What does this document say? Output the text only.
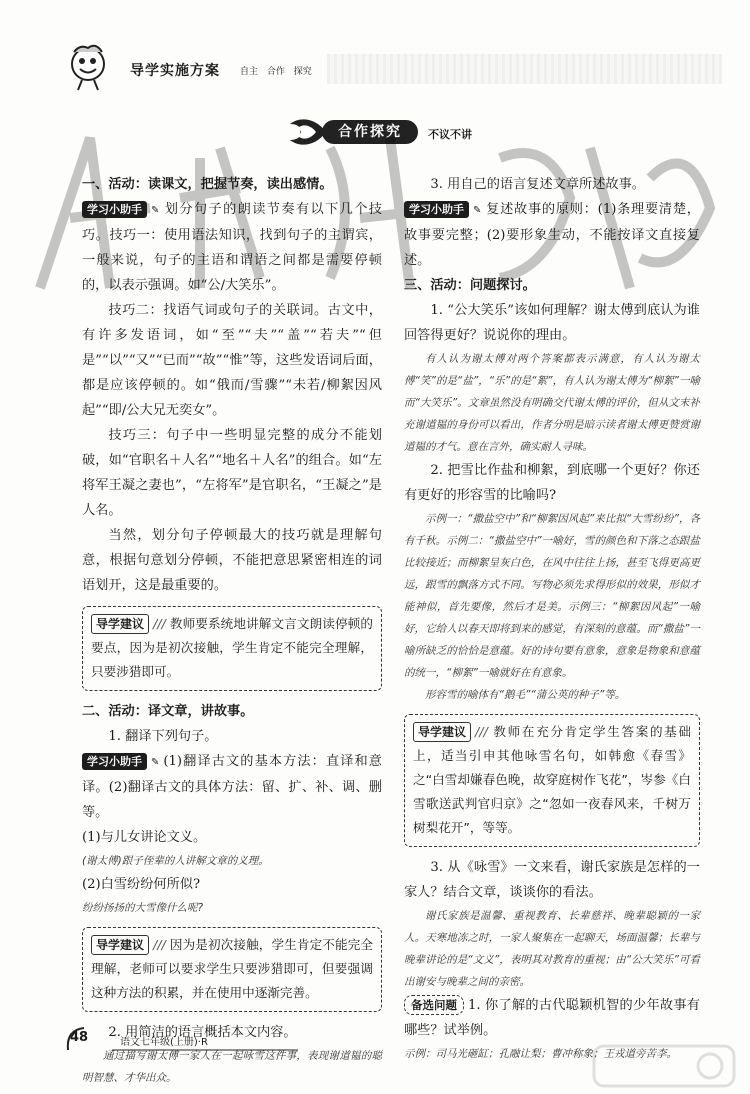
导学实施方案 自主 合作 探究
合作探究	不议不讲

一、活动：读课文，把握节奏，读出感情。

学习小助手 ✎ 划分句子的朗读节奏有以下几个技巧。技巧一：使用语法知识，找到句子的主谓宾，一般来说，句子的主语和谓语之间都是需要停顿的，以表示强调。如“公/大笑乐”。

技巧二：找语气词或句子的关联词。古文中，有许多发语词，如“至”“夫”“盖”“若夫”“但是”“以”“又”“已而”“故”“惟”等，这些发语词后面，都是应该停顿的。如“俄而/雪骤”“未若/柳絮因风起”“即/公大兄无奕女”。

技巧三：句子中一些明显完整的成分不能划破，如“官职名＋人名”“地名＋人名”的组合。如“左将军王凝之妻也”，“左将军”是官职名，“王凝之”是人名。

当然，划分句子停顿最大的技巧就是理解句意，根据句意划分停顿，不能把意思紧密相连的词语划开，这是最重要的。

导学建议 /// 教师要系统地讲解文言文朗读停顿的要点，因为是初次接触，学生肯定不能完全理解，只要涉猎即可。

二、活动：译文章，讲故事。

1. 翻译下列句子。

学习小助手 ✎ (1)翻译古文的基本方法：直译和意译。(2)翻译古文的具体方法：留、扩、补、调、删等。

(1)与儿女讲论文义。

(谢太傅)跟子侄辈的人讲解文章的义理。

(2)白雪纷纷何所似?

纷纷扬扬的大雪像什么呢?

导学建议 /// 因为是初次接触，学生肯定不能完全理解，老师可以要求学生只要涉猎即可，但要强调这种方法的积累，并在使用中逐渐完善。

2. 用简洁的语言概括本文内容。

通过描写谢太傅一家人在一起咏雪这件事，表现谢道韫的聪明智慧、才华出众。

3. 用自己的语言复述文章所述故事。

学习小助手 ✎ 复述故事的原则：(1)条理要清楚，故事要完整；(2)要形象生动，不能按译文直接复述。

三、活动：问题探讨。

1. “公大笑乐”该如何理解？谢太傅到底认为谁回答得更好？说说你的理由。

有人认为谢太傅对两个答案都表示满意，有人认为谢太傅“笑”的是“盐”，“乐”的是“絮”，有人认为谢太傅为“柳絮”一喻而“大笑乐”。文章虽然没有明确交代谢太傅的评价，但从文末补充谢道韫的身份可以看出，作者分明是暗示读者谢太傅更赞赏谢道韫的才气。意在言外，确实耐人寻味。

2. 把雪比作盐和柳絮，到底哪一个更好？你还有更好的形容雪的比喻吗?

示例一：“撒盐空中”和“柳絮因风起”来比拟“大雪纷纷”，各有千秋。示例二：“撒盐空中”一喻好，雪的颜色和下落之态跟盐比较接近；而柳絮呈灰白色，在风中往往上扬，甚至飞得更高更远，跟雪的飘落方式不同。写物必须先求得形似的效果，形似才能神似，首先要像，然后才是美。示例三：“柳絮因风起”一喻好，它给人以春天即将到来的感觉，有深刻的意蕴。而“撒盐”一喻所缺乏的恰恰是意蕴。好的诗句要有意象，意象是物象和意蕴的统一，“柳絮”一喻就好在有意象。

形容雪的喻体有“鹅毛”“蒲公英的种子”等。

导学建议 /// 教师在充分肯定学生答案的基础上，适当引申其他咏雪名句，如韩愈《春雪》之“白雪却嫌春色晚，故穿庭树作飞花”，岑参《白雪歌送武判官归京》之“忽如一夜春风来，千树万树梨花开”，等等。

3. 从《咏雪》一文来看，谢氏家族是怎样的一家人？结合文章，谈谈你的看法。

谢氏家族是温馨、重视教育、长辈慈祥、晚辈聪颖的一家人。天寒地冻之时，一家人聚集在一起聊天，场面温馨；长辈与晚辈讲论的是“文义”，表明其对教育的重视；由“公大笑乐”可看出谢安与晚辈之间的亲密。

备选问题 1. 你了解的古代聪颖机智的少年故事有哪些？试举例。

示例：司马光砸缸；孔融让梨；曹冲称象；王戎道旁苦李。

48	语文七年级(上册)·R
